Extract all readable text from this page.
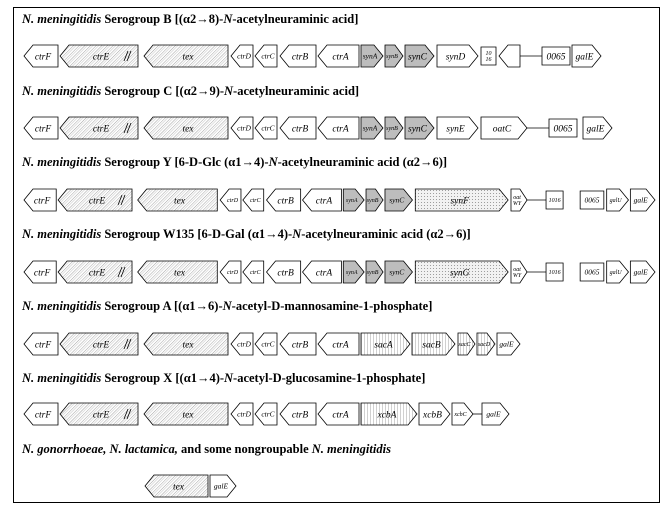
N. meningitidis Serogroup B [(α2→8)-N-acetylneuraminic acid]
N. meningitidis Serogroup C [(α2→9)-N-acetylneuraminic acid]
N. meningitidis Serogroup Y [6-D-Glc (α1→4)-N-acetylneuraminic acid (α2→6)]
N. meningitidis Serogroup W135 [6-D-Gal (α1→4)-N-acetylneuraminic acid (α2→6)]
N. meningitidis Serogroup A [(α1→6)-N-acetyl-D-mannosamine-1-phosphate]
N. meningitidis Serogroup X [(α1→4)-N-acetyl-D-glucosamine-1-phosphate]
N. gonorrhoeae, N. lactamica, and some nongroupable N. meningitidis
ctrF	ctrE	tex	ctrD ctrC ctrB	ctrA synA synB synC synD	10 16	0065 galE
ctrF	ctrE	tex	ctrD ctrC ctrB	ctrA synA synB synC synE	oatC	0065 galE
ctrF	ctrE	tex	ctrD ctrC ctrB ctrA synA synB synC	synF	oat WY	1016	0065 galU galE
ctrF	ctrE	tex	ctrD ctrC ctrB ctrA synA synB synC	synG	oat WY	1016	0065 galU galE
ctrF	ctrE	tex	ctrD ctrC ctrB	ctrA	sacA	sacB	sacC sacD galE
ctrF	ctrE	tex	ctrD ctrC ctrB	ctrA	xcbA	xcbB xcbC	galE
tex	galE
